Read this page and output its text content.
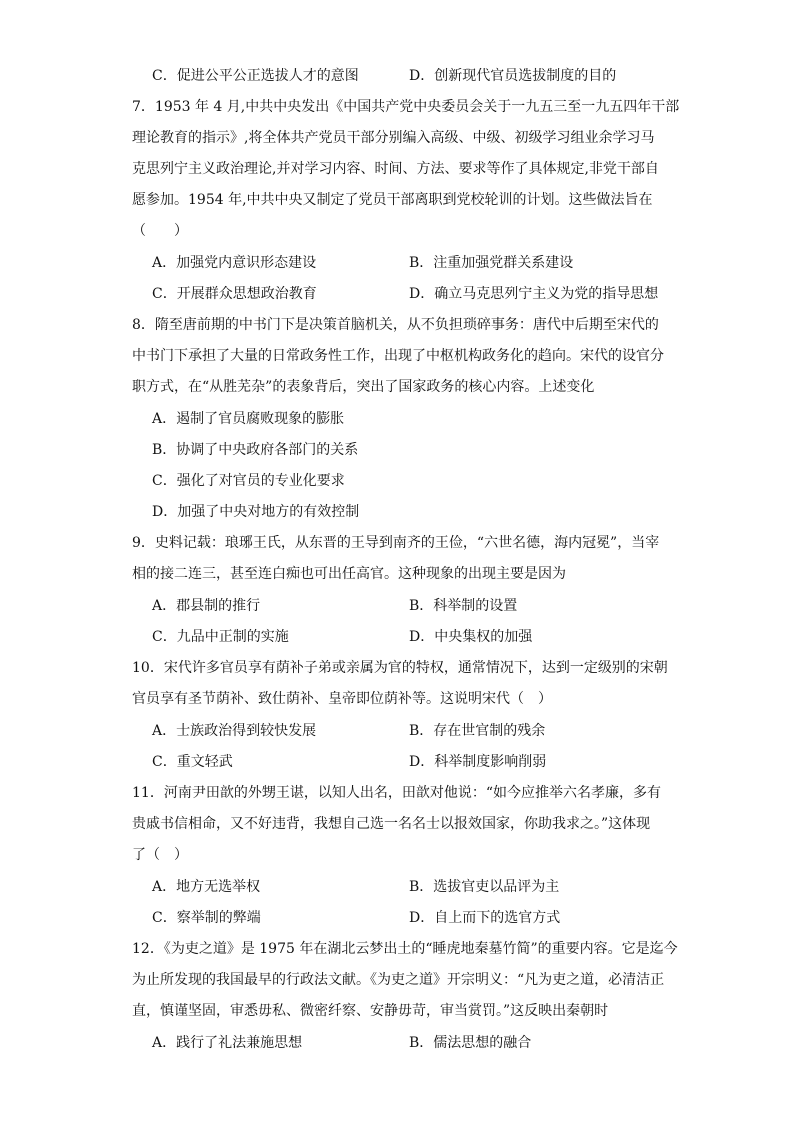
C．促进公平公正选拔人才的意图	D．创新现代官员选拔制度的目的
7．1953 年 4 月,中共中央发出《中国共产党中央委员会关于一九五三至一九五四年干部
理论教育的指示》,将全体共产党员干部分别编入高级、中级、初级学习组业余学习马
克思列宁主义政治理论,并对学习内容、时间、方法、要求等作了具体规定,非党干部自
愿参加。1954 年,中共中央又制定了党员干部离职到党校轮训的计划。这些做法旨在
（　　）
A．加强党内意识形态建设	B．注重加强党群关系建设
C．开展群众思想政治教育	D．确立马克思列宁主义为党的指导思想
8．隋至唐前期的中书门下是决策首脑机关，从不负担琐碎事务：唐代中后期至宋代的
中书门下承担了大量的日常政务性工作，出现了中枢机构政务化的趋向。宋代的设官分
职方式，在“从胜芜杂”的表象背后，突出了国家政务的核心内容。上述变化
A．遏制了官员腐败现象的膨胀
B．协调了中央政府各部门的关系
C．强化了对官员的专业化要求
D．加强了中央对地方的有效控制
9．史料记载：琅琊王氏，从东晋的王导到南齐的王俭，“六世名德，海内冠冕”，当宰
相的接二连三，甚至连白痴也可出任高官。这种现象的出现主要是因为
A．郡县制的推行	B．科举制的设置
C．九品中正制的实施	D．中央集权的加强
10．宋代许多官员享有荫补子弟或亲属为官的特权，通常情况下，达到一定级别的宋朝
官员享有圣节荫补、致仕荫补、皇帝即位荫补等。这说明宋代（　）
A．士族政治得到较快发展	B．存在世官制的残余
C．重文轻武	D．科举制度影响削弱
11．河南尹田歆的外甥王谌，以知人出名，田歆对他说：“如今应推举六名孝廉，多有
贵戚书信相命，又不好违背，我想自己选一名名士以报效国家，你助我求之。”这体现
了（　）
A．地方无选举权	B．选拔官吏以品评为主
C．察举制的弊端	D．自上而下的选官方式
12．《为吏之道》是 1975 年在湖北云梦出土的“睡虎地秦墓竹简”的重要内容。它是迄今
为止所发现的我国最早的行政法文献。《为吏之道》开宗明义：“凡为吏之道，必清洁正
直，慎谨坚固，审悉毋私、微密纤察、安静毋苛，审当赏罚。”这反映出秦朝时
A．践行了礼法兼施思想	B．儒法思想的融合
